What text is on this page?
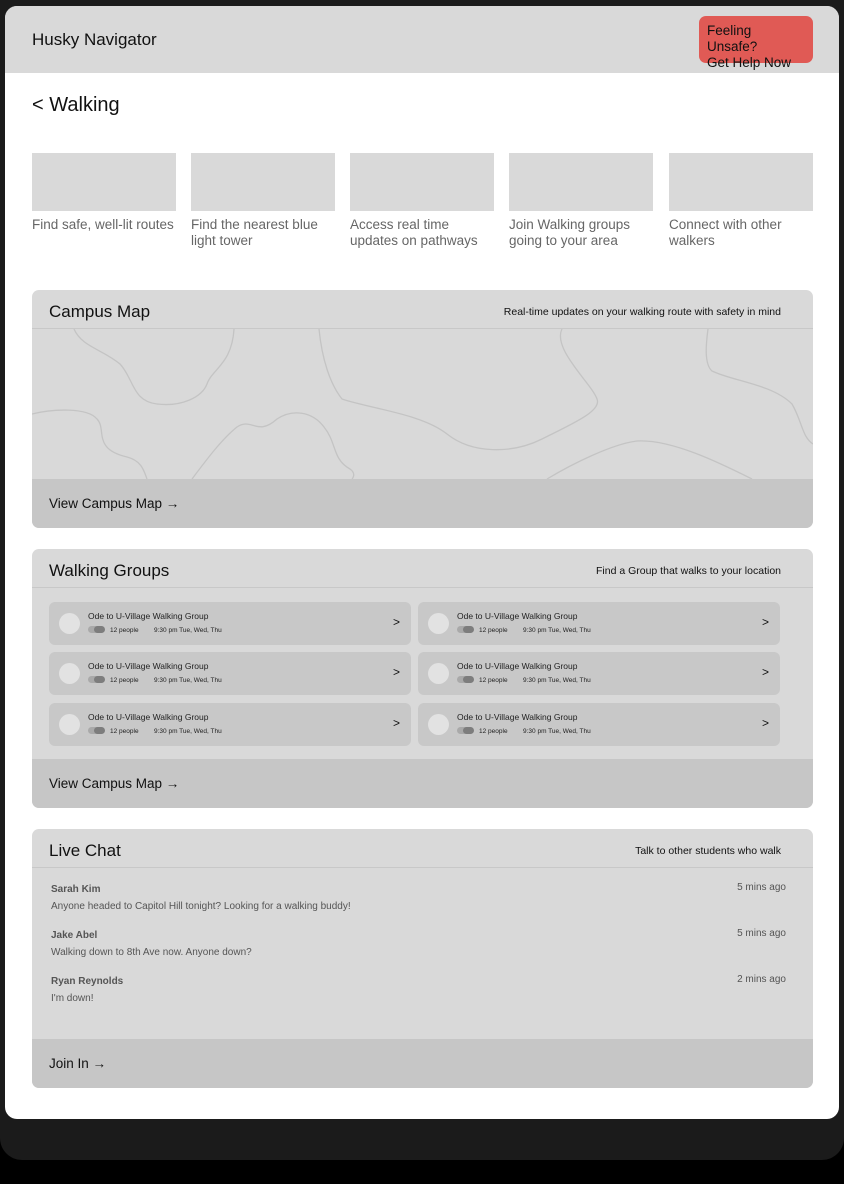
Husky Navigator	Feeling Unsafe?
Get Help Now
< Walking
Find safe, well-lit routes Find the nearest blue light tower
Access real time updates on pathways
Join Walking groups going to your area
Connect with other walkers
Campus Map	Real-time updates on your walking route with safety in mind
View Campus Map →
Walking Groups	Find a Group that walks to your location
Ode to U-Village Walking Group
12 people 9:30 pm Tue, Wed, Thu
>	Ode to U-Village Walking Group
12 people 9:30 pm Tue, Wed, Thu
>
Ode to U-Village Walking Group
12 people 9:30 pm Tue, Wed, Thu
>	Ode to U-Village Walking Group
12 people 9:30 pm Tue, Wed, Thu
>
Ode to U-Village Walking Group
12 people 9:30 pm Tue, Wed, Thu
>	Ode to U-Village Walking Group
12 people 9:30 pm Tue, Wed, Thu
>
View Campus Map →
Live Chat	Talk to other students who walk
Sarah Kim
Anyone headed to Capitol Hill tonight? Looking for a walking buddy!
5 mins ago
Jake Abel
Walking down to 8th Ave now. Anyone down?
5 mins ago
Ryan Reynolds
I'm down!
2 mins ago
Join In →
